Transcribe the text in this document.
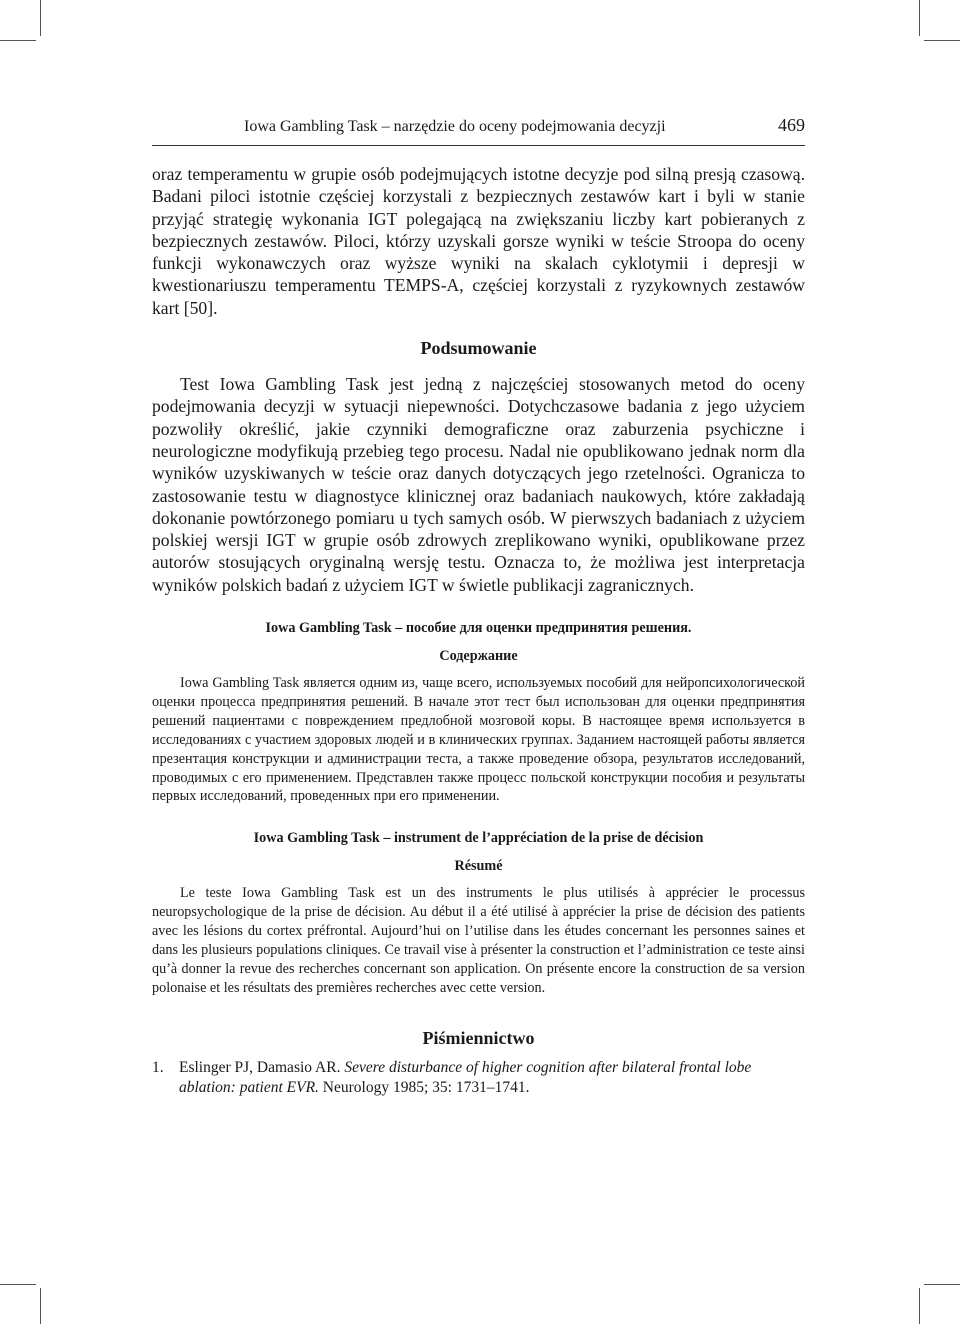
Iowa Gambling Task – narzędzie do oceny podejmowania decyzji	469

oraz temperamentu w grupie osób podejmujących istotne decyzje pod silną presją czasową. Badani piloci istotnie częściej korzystali z bezpiecznych zestawów kart i byli w stanie przyjąć strategię wykonania IGT polegającą na zwiększaniu liczby kart pobieranych z bezpiecznych zestawów. Piloci, którzy uzyskali gorsze wyniki w teście Stroopa do oceny funkcji wykonawczych oraz wyższe wyniki na skalach cyklotymii i depresji w kwestionariuszu temperamentu TEMPS-A, częściej korzystali z ryzykownych zestawów kart [50].

Podsumowanie

Test Iowa Gambling Task jest jedną z najczęściej stosowanych metod do oceny podejmowania decyzji w sytuacji niepewności. Dotychczasowe badania z jego użyciem pozwoliły określić, jakie czynniki demograficzne oraz zaburzenia psychiczne i neurologiczne modyfikują przebieg tego procesu. Nadal nie opublikowano jednak norm dla wyników uzyskiwanych w teście oraz danych dotyczących jego rzetelności. Ogranicza to zastosowanie testu w diagnostyce klinicznej oraz badaniach naukowych, które zakładają dokonanie powtórzonego pomiaru u tych samych osób. W pierwszych badaniach z użyciem polskiej wersji IGT w grupie osób zdrowych zreplikowano wyniki, opublikowane przez autorów stosujących oryginalną wersję testu. Oznacza to, że możliwa jest interpretacja wyników polskich badań z użyciem IGT w świetle publikacji zagranicznych.

Iowa Gambling Task – пособие для оценки предпринятия решения.
Содержание

Iowa Gambling Task является одним из, чаще всего, используемых пособий для нейропсихологической оценки процесса предпринятия решений. В начале этот тест был использован для оценки предпринятия решений пациентами с повреждением предлобной мозговой коры. В настоящее время используется в исследованиях с участием здоровых людей и в клинических группах. Заданием настоящей работы является презентация конструкции и администрации теста, а также проведение обзора, результатов исследований, проводимых с его применением. Представлен также процесс польской конструкции пособия и результаты первых исследований, проведенных при его применении.

Iowa Gambling Task – instrument de l’appréciation de la prise de décision
Résumé

Le teste Iowa Gambling Task est un des instruments le plus utilisés à apprécier le processus neuropsychologique de la prise de décision. Au début il a été utilisé à apprécier la prise de décision des patients avec les lésions du cortex préfrontal. Aujourd’hui on l’utilise dans les études concernant les personnes saines et dans les plusieurs populations cliniques. Ce travail vise à présenter la construction et l’administration ce teste ainsi qu’à donner la revue des recherches concernant son application. On présente encore la construction de sa version polonaise et les résultats des premières recherches avec cette version.

Piśmiennictwo
1. Eslinger PJ, Damasio AR. Severe disturbance of higher cognition after bilateral frontal lobe ablation: patient EVR. Neurology 1985; 35: 1731–1741.
